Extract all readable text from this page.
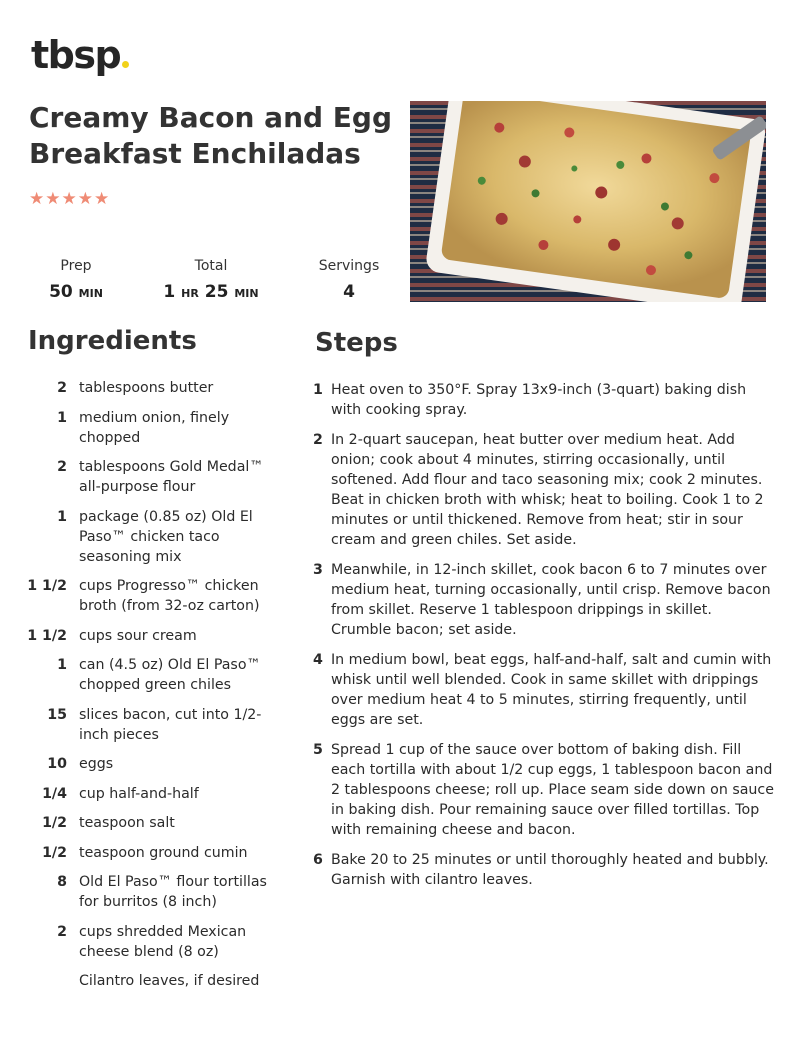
tbsp
Creamy Bacon and Egg Breakfast Enchiladas
★★★★★
Prep
50 MIN
Total
1 HR 25 MIN
Servings
4
Ingredients	Steps
2 tablespoons butter
1 medium onion, finely chopped
2 tablespoons Gold Medal™ all-purpose flour
1 package (0.85 oz) Old El Paso™ chicken taco seasoning mix
1 1/2 cups Progresso™ chicken broth (from 32-oz carton)
1 1/2 cups sour cream
1 can (4.5 oz) Old El Paso™ chopped green chiles
15 slices bacon, cut into 1/2-inch pieces
10 eggs
1/4 cup half-and-half
1/2 teaspoon salt
1/2 teaspoon ground cumin
8 Old El Paso™ flour tortillas for burritos (8 inch)
2 cups shredded Mexican cheese blend (8 oz)
Cilantro leaves, if desired
1 Heat oven to 350°F. Spray 13x9-inch (3-quart) baking dish with cooking spray.
2 In 2-quart saucepan, heat butter over medium heat. Add onion; cook about 4 minutes, stirring occasionally, until softened. Add flour and taco seasoning mix; cook 2 minutes. Beat in chicken broth with whisk; heat to boiling. Cook 1 to 2 minutes or until thickened. Remove from heat; stir in sour cream and green chiles. Set aside.
3 Meanwhile, in 12-inch skillet, cook bacon 6 to 7 minutes over medium heat, turning occasionally, until crisp. Remove bacon from skillet. Reserve 1 tablespoon drippings in skillet. Crumble bacon; set aside.
4 In medium bowl, beat eggs, half-and-half, salt and cumin with whisk until well blended. Cook in same skillet with drippings over medium heat 4 to 5 minutes, stirring frequently, until eggs are set.
5 Spread 1 cup of the sauce over bottom of baking dish. Fill each tortilla with about 1/2 cup eggs, 1 tablespoon bacon and 2 tablespoons cheese; roll up. Place seam side down on sauce in baking dish. Pour remaining sauce over filled tortillas. Top with remaining cheese and bacon.
6 Bake 20 to 25 minutes or until thoroughly heated and bubbly. Garnish with cilantro leaves.
